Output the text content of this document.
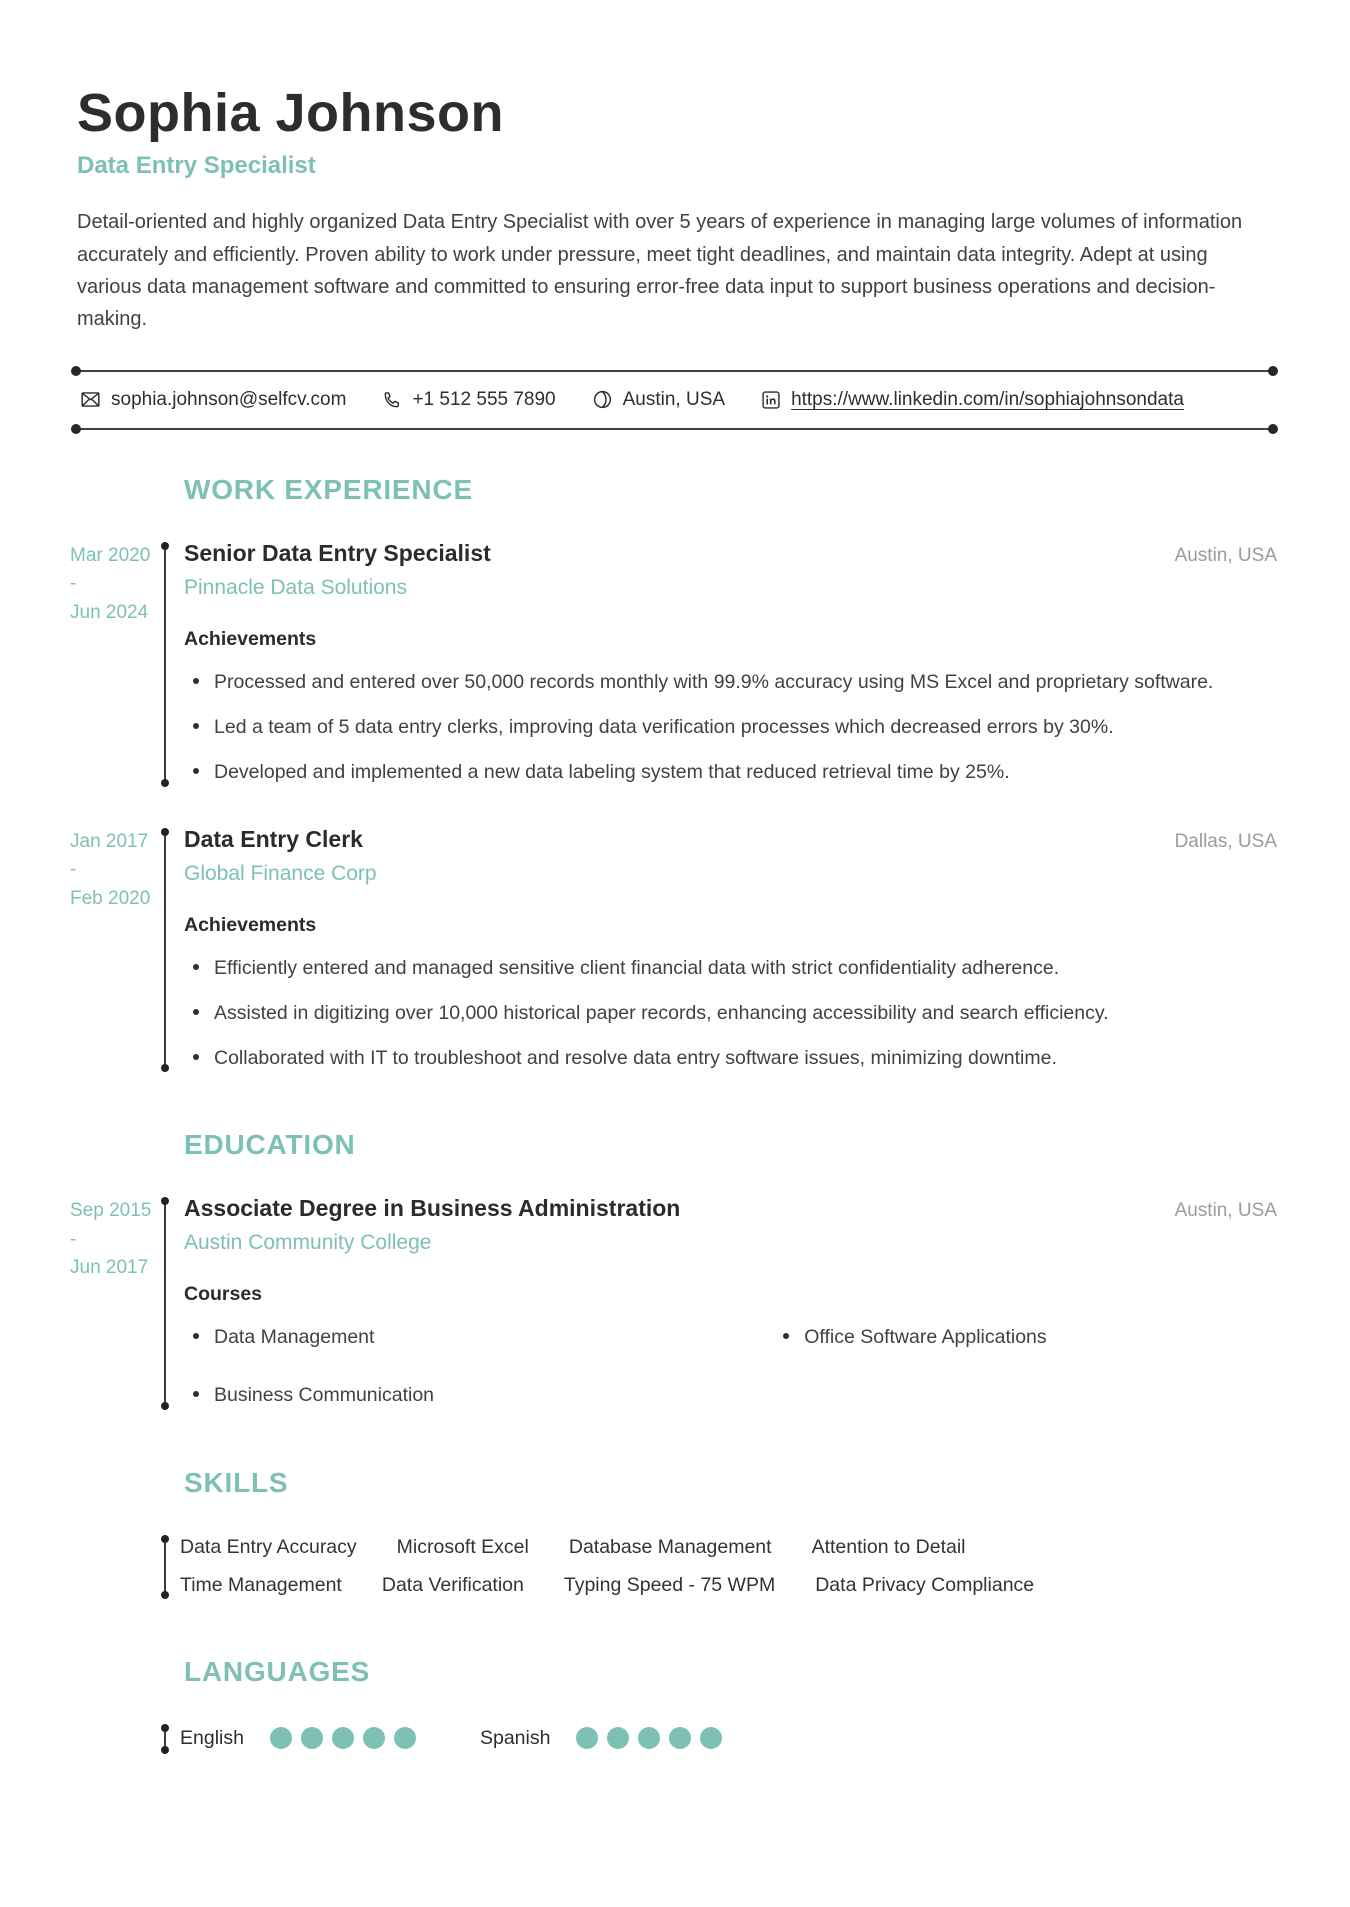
Sophia Johnson
Data Entry Specialist

Detail-oriented and highly organized Data Entry Specialist with over 5 years of experience in managing large volumes of information accurately and efficiently. Proven ability to work under pressure, meet tight deadlines, and maintain data integrity. Adept at using various data management software and committed to ensuring error-free data input to support business operations and decision-making.

sophia.johnson@selfcv.com	+1 512 555 7890	Austin, USA	https://www.linkedin.com/in/sophiajohnsondata
WORK EXPERIENCE
Mar 2020
-
Jun 2024
Senior Data Entry Specialist	Austin, USA
Pinnacle Data Solutions
Achievements
Processed and entered over 50,000 records monthly with 99.9% accuracy using MS Excel and proprietary software.
Led a team of 5 data entry clerks, improving data verification processes which decreased errors by 30%.
Developed and implemented a new data labeling system that reduced retrieval time by 25%.
Jan 2017
-
Feb 2020
Data Entry Clerk	Dallas, USA
Global Finance Corp
Achievements
Efficiently entered and managed sensitive client financial data with strict confidentiality adherence.
Assisted in digitizing over 10,000 historical paper records, enhancing accessibility and search efficiency.
Collaborated with IT to troubleshoot and resolve data entry software issues, minimizing downtime.
EDUCATION
Sep 2015
-
Jun 2017
Associate Degree in Business Administration	Austin, USA
Austin Community College
Courses
Data Management	Office Software Applications
Business Communication
SKILLS
Data Entry Accuracy Microsoft Excel Database Management Attention to Detail
Time Management Data Verification Typing Speed - 75 WPM Data Privacy Compliance
LANGUAGES
English	Spanish
